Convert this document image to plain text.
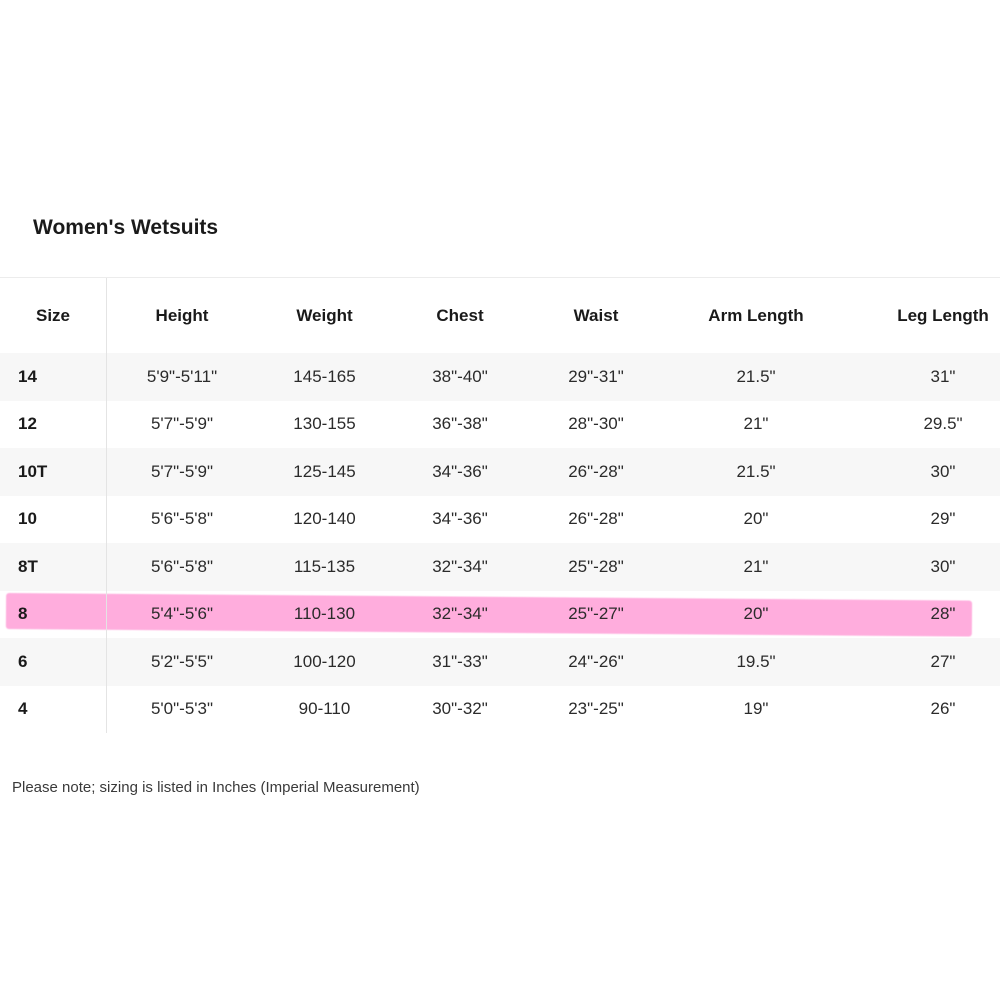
Women's Wetsuits
Size	Height	Weight	Chest	Waist	Arm Length	Leg Length
14	5'9"-5'11"	145-165	38"-40"	29"-31"	21.5"	31"
12	5'7"-5'9"	130-155	36"-38"	28"-30"	21"	29.5"
10T	5'7"-5'9"	125-145	34"-36"	26"-28"	21.5"	30"
10	5'6"-5'8"	120-140	34"-36"	26"-28"	20"	29"
8T	5'6"-5'8"	115-135	32"-34"	25"-28"	21"	30"
8	5'4"-5'6"	110-130	32"-34"	25"-27"	20"	28"
6	5'2"-5'5"	100-120	31"-33"	24"-26"	19.5"	27"
4	5'0"-5'3"	90-110	30"-32"	23"-25"	19"	26"
Please note; sizing is listed in Inches (Imperial Measurement)
